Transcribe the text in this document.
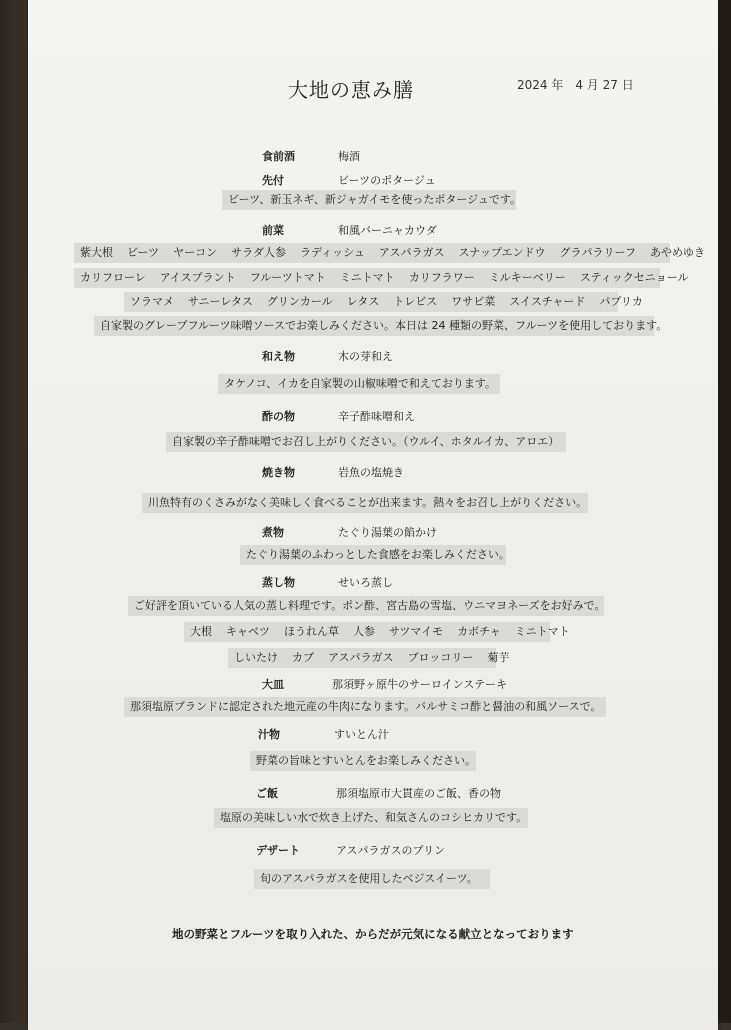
大地の恵み膳	2024 年　4 月 27 日
食前酒	梅酒
先付	ビーツのポタージュ
ビーツ、新玉ネギ、新ジャガイモを使ったポタージュです。
前菜	和風バーニャカウダ
紫大根 ビーツ ヤーコン サラダ人参 ラディッシュ アスパラガス スナップエンドウ グラパラリーフ あやめゆき
カリフローレ アイスプラント フルーツトマト ミニトマト カリフラワー ミルキーベリー スティックセニョール
ソラマメ サニーレタス グリンカール レタス トレビス ワサビ菜 スイスチャード パプリカ
自家製のグレープフルーツ味噌ソースでお楽しみください。本日は 24 種類の野菜、フルーツを使用しております。
和え物	木の芽和え
タケノコ、イカを自家製の山椒味噌で和えております。
酢の物	辛子酢味噌和え
自家製の辛子酢味噌でお召し上がりください。（ウルイ、ホタルイカ、アロエ）
焼き物	岩魚の塩焼き
川魚特有のくさみがなく美味しく食べることが出来ます。熱々をお召し上がりください。
煮物	たぐり湯葉の餡かけ
たぐり湯葉のふわっとした食感をお楽しみください。
蒸し物	せいろ蒸し
ご好評を頂いている人気の蒸し料理です。ポン酢、宮古島の雪塩、ウニマヨネーズをお好みで。
大根 キャベツ ほうれん草 人参 サツマイモ カボチャ ミニトマト
しいたけ カブ アスパラガス ブロッコリー 菊芋
大皿	那須野ヶ原牛のサーロインステーキ
那須塩原ブランドに認定された地元産の牛肉になります。バルサミコ酢と醤油の和風ソースで。
汁物	すいとん汁
野菜の旨味とすいとんをお楽しみください。
ご飯	那須塩原市大貫産のご飯、香の物
塩原の美味しい水で炊き上げた、和気さんのコシヒカリです。
デザート	アスパラガスのプリン
旬のアスパラガスを使用したベジスイーツ。
地の野菜とフルーツを取り入れた、からだが元気になる献立となっております
